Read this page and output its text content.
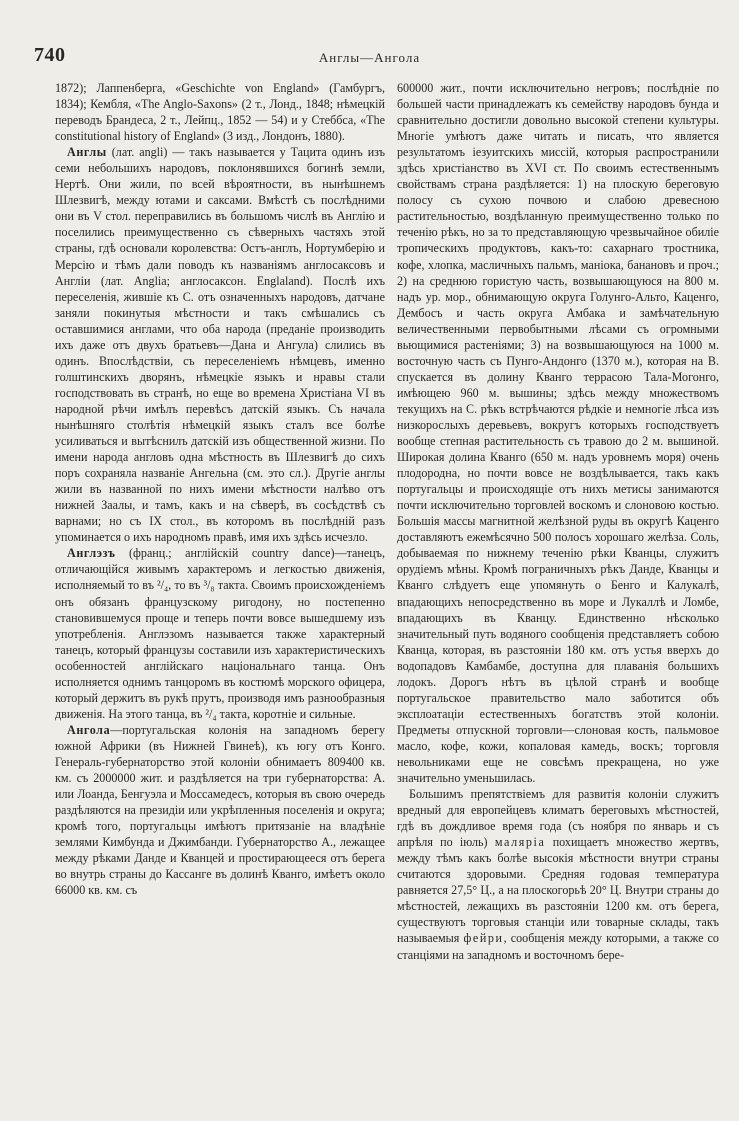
740	Англы—Ангола

1872); Лаппенберга, «Geschichte von England» (Гамбургъ, 1834); Кембля, «The Anglo-Saxons» (2 т., Лонд., 1848; нѣмецкій переводъ Брандеса, 2 т., Лейпц., 1852 — 54) и у Стеббса, «The constitutional history of England» (3 изд., Лондонъ, 1880).

Англы (лат. angli) — такъ называется у Тацита одинъ изъ семи небольшихъ народовъ, поклонявшихся богинѣ земли, Нертѣ. Они жили, по всей вѣроятности, въ нынѣшнемъ Шлезвигѣ, между ютами и саксами. Вмѣстѣ съ послѣдними они въ V стол. переправились въ большомъ числѣ въ Англію и поселились преимущественно съ сѣверныхъ частяхъ этой страны, гдѣ основали королевства: Остъ-англъ, Нортумберію и Мерсію и тѣмъ дали поводъ къ названіямъ англосаксовъ и Англіи (лат. Anglia; англосаксон. Englaland). Послѣ ихъ переселенія, жившіе къ С. отъ означенныхъ народовъ, датчане заняли покинутыя мѣстности и такъ смѣшались съ оставшимися англами, что оба народа (преданіе производить ихъ даже отъ двухъ братьевъ—Дана и Ангула) слились въ одинъ. Впослѣдствіи, съ переселеніемъ нѣмцевъ, именно голштинскихъ дворянъ, нѣмецкіе языкъ и нравы стали господствовать въ странѣ, но еще во времена Христіана VI въ народной рѣчи имѣлъ перевѣсъ датскій языкъ. Съ начала нынѣшняго столѣтія нѣмецкій языкъ сталъ все болѣе усиливаться и вытѣснилъ датскій изъ общественной жизни. По имени народа англовъ одна мѣстность въ Шлезвигѣ до сихъ поръ сохраняла названіе Ангельна (см. это сл.). Другіе англы жили въ названной по нихъ имени мѣстности налѣво отъ нижней Заалы, и тамъ, какъ и на сѣверѣ, въ сосѣдствѣ съ варнами; но съ IX стол., въ которомъ въ послѣдній разъ упоминается о ихъ народномъ правѣ, имя ихъ здѣсь исчезло.

Англэзъ (франц.; англійскій country dance)—танецъ, отличающійся живымъ характеромъ и легкостью движенія, исполняемый то въ ²/₄, то въ ³/₈ такта. Своимъ происхожденіемъ онъ обязанъ французскому ригодону, но постепенно становившемуся проще и теперь почти вовсе вышедшему изъ употребленія. Англэзомъ называется также характерный танецъ, который французы составили изъ характеристическихъ особенностей англійскаго національнаго танца. Онъ исполняется однимъ танцоромъ въ костюмѣ морского офицера, который держитъ въ рукѣ прутъ, производя имъ разнообразныя движенія. На этого танца, въ ²/₄ такта, коротніе и сильные.

Ангола—португальская колонія на западномъ берегу южной Африки (въ Нижней Гвинеѣ), къ югу отъ Конго. Генераль-губернаторство этой колоніи обнимаетъ 809400 кв. км. съ 2000000 жит. и раздѣляется на три губернаторства: А. или Лоанда, Бенгуэла и Моссамедесъ, которыя въ свою очередь раздѣляются на президіи или укрѣпленныя поселенія и округа; кромѣ того, португальцы имѣютъ притязаніе на владѣніе землями Кимбунда и Джимбанди. Губернаторство А., лежащее между рѣками Данде и Кванцей и простирающееся отъ берега во внутрь страны до Кассанге въ долинѣ Кванго, имѣетъ около 66000 кв. км. съ

600000 жит., почти исключительно негровъ; послѣдніе по большей части принадлежатъ къ семейству народовъ бунда и сравнительно достигли довольно высокой степени культуры. Многіе умѣютъ даже читать и писать, что является результатомъ іезуитскихъ миссій, которыя распространили здѣсь христіанство въ XVI ст. По своимъ естественнымъ свойствамъ страна раздѣляется: 1) на плоскую береговую полосу съ сухою почвою и слабою древесною растительностью, воздѣланную преимущественно только по теченію рѣкъ, но за то представляющую чрезвычайное обиліе тропическихъ продуктовъ, какъ-то: сахарнаго тростника, кофе, хлопка, масличныхъ пальмъ, маніока, банановъ и проч.; 2) на среднюю гористую часть, возвышающуюся на 800 м. надъ ур. мор., обнимающую округа Голунго-Альто, Каценго, Дембосъ и часть округа Амбака и замѣчательную величественными первобытными лѣсами съ огромными вьющимися растеніями; 3) на возвышающуюся на 1000 м. восточную часть съ Пунго-Андонго (1370 м.), которая на В. спускается въ долину Кванго террасою Тала-Могонго, имѣющею 960 м. вышины; здѣсь между множествомъ текущихъ на С. рѣкъ встрѣчаются рѣдкіе и немногіе лѣса изъ низкорослыхъ деревьевъ, вокругъ которыхъ господствуетъ вообще степная растительность съ травою до 2 м. вышиной. Широкая долина Кванго (650 м. надъ уровнемъ моря) очень плодородна, но почти вовсе не воздѣлывается, такъ какъ португальцы и происходящіе отъ нихъ метисы занимаются почти исключительно торговлей воскомъ и слоновою костью. Большія массы магнитной желѣзной руды въ округѣ Каценго доставляютъ ежемѣсячно 500 полосъ хорошаго желѣза. Соль, добываемая по нижнему теченію рѣки Кванцы, служитъ орудіемъ мѣны. Кромѣ пограничныхъ рѣкъ Данде, Кванцы и Кванго слѣдуетъ еще упомянуть о Бенго и Калукалѣ, впадающихъ непосредственно въ море и Лукаллѣ и Ломбе, впадающихъ въ Кванцу. Единственно нѣсколько значительный путь водяного сообщенія представляетъ собою Кванца, которая, въ разстояніи 180 км. отъ устья вверхъ до водопадовъ Камбамбе, доступна для плаванія большихъ лодокъ. Дорогъ нѣтъ въ цѣлой странѣ и вообще португальское правительство мало заботится объ эксплоатаціи естественныхъ богатствъ этой колоніи. Предметы отпускной торговли—слоновая кость, пальмовое масло, кофе, кожи, копаловая камедь, воскъ; торговля невольниками еще не совсѣмъ прекращена, но уже значительно уменьшилась.

Большимъ препятствіемъ для развитія колоніи служитъ вредный для европейцевъ климатъ береговыхъ мѣстностей, гдѣ въ дождливое время года (съ ноября по январь и съ апрѣля по іюль) маляріа похищаетъ множество жертвъ, между тѣмъ какъ болѣе высокія мѣстности внутри страны считаются здоровыми. Средняя годовая температура равняется 27,5° Ц., а на плоскогорьѣ 20° Ц. Внутри страны до мѣстностей, лежащихъ въ разстояніи 1200 км. отъ берега, существуютъ торговыя станціи или товарные склады, такъ называемыя фейри, сообщенія между которыми, а также со станціями на западномъ и восточномъ бере-
